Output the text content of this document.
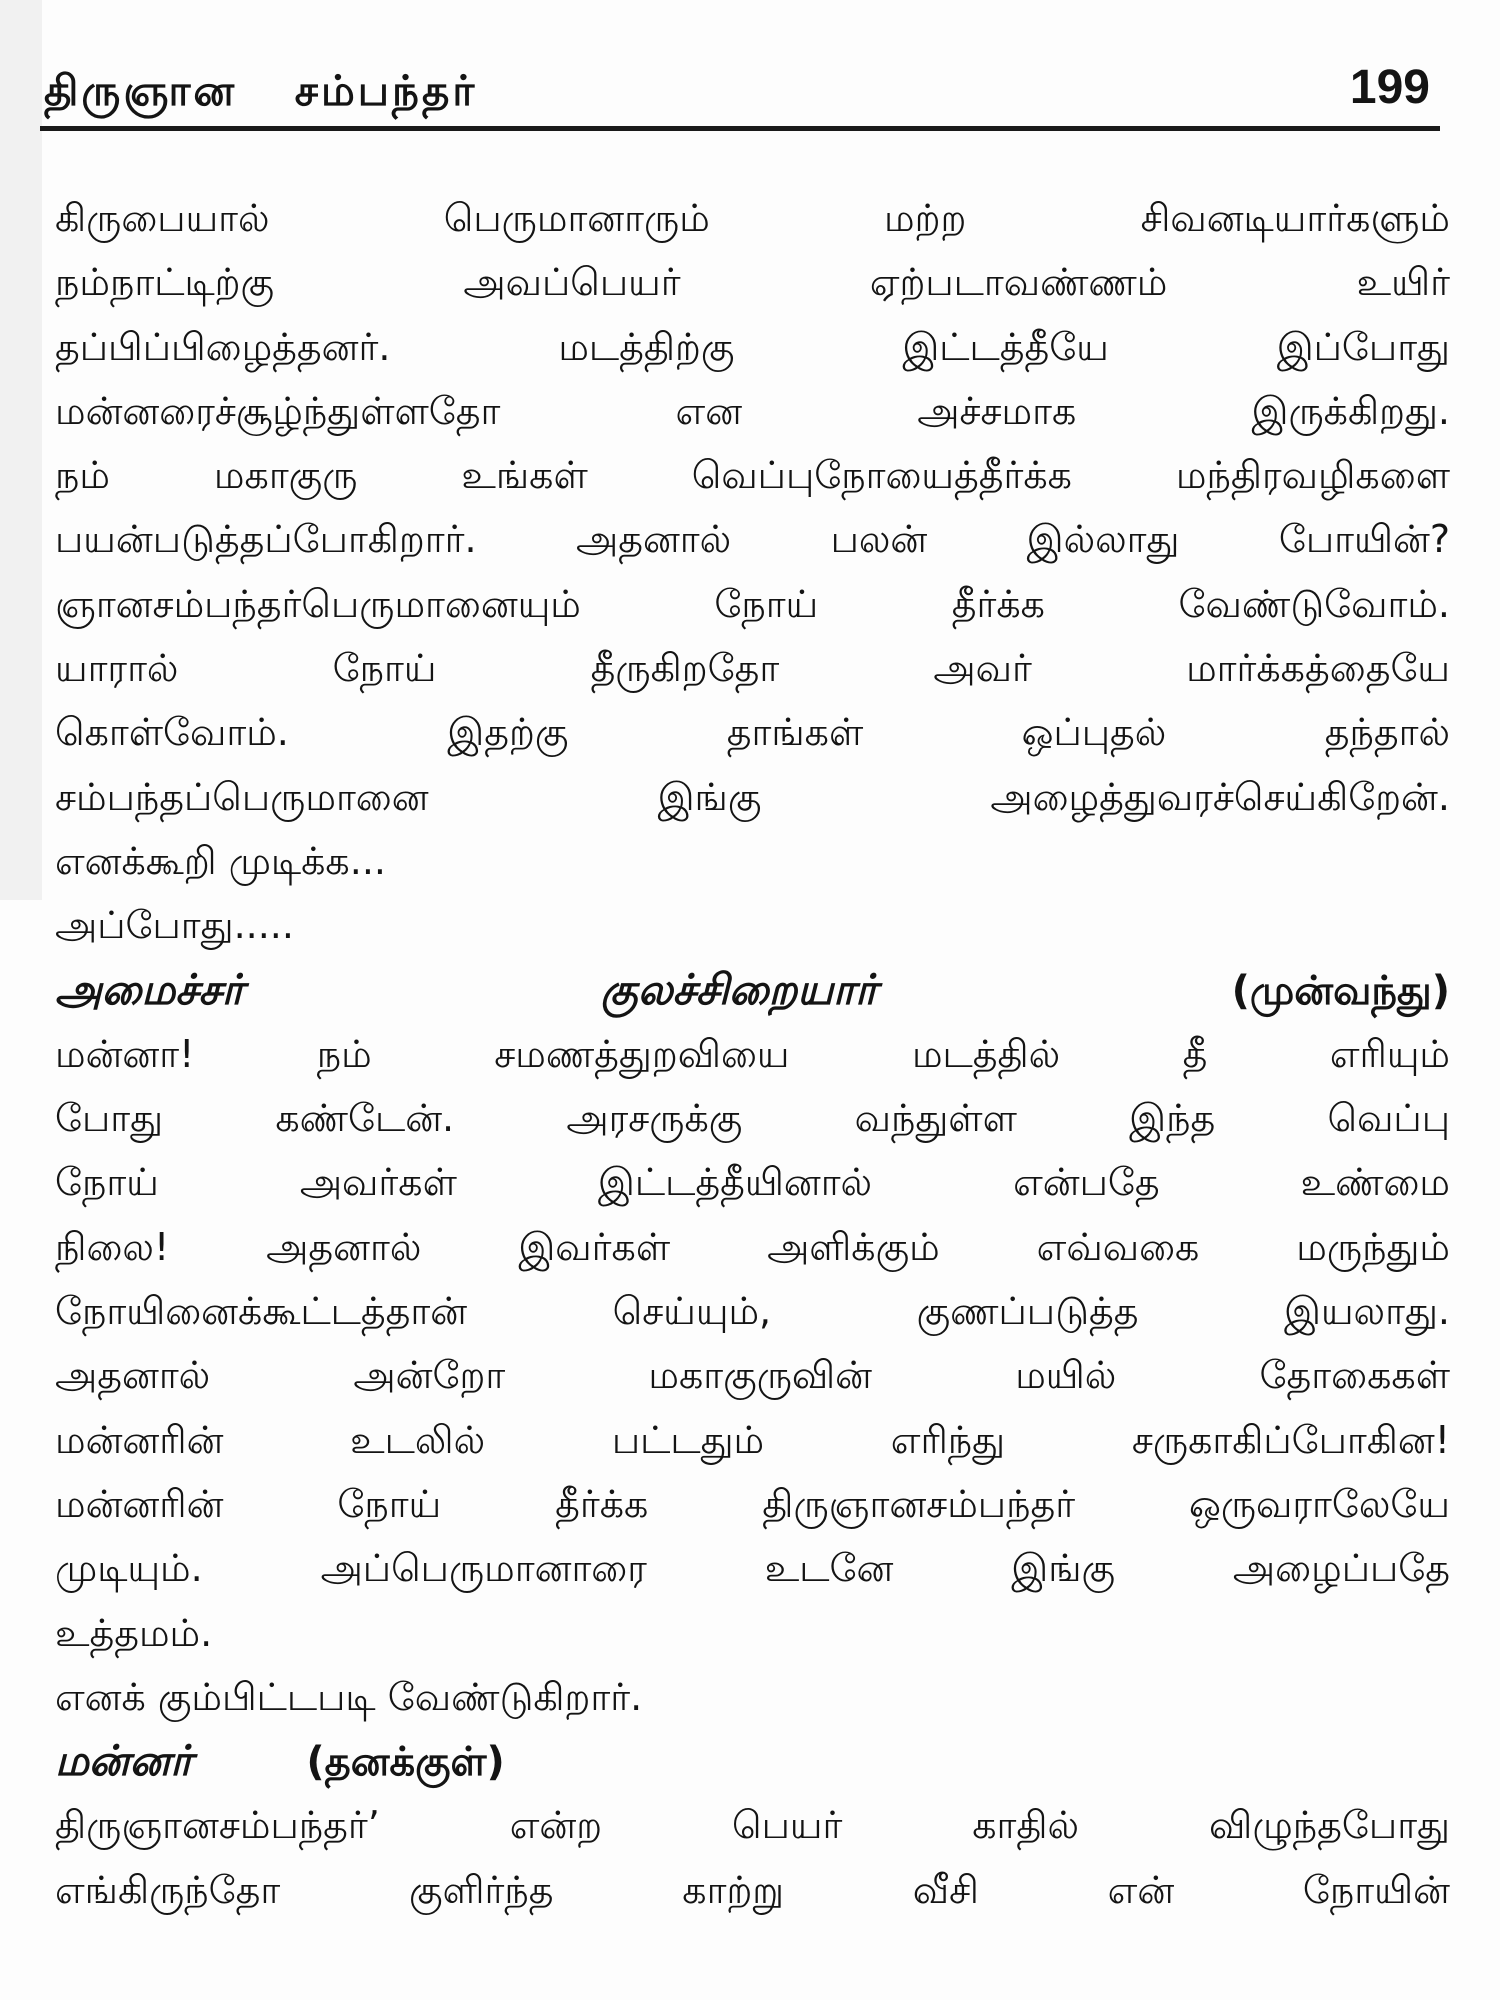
திருஞான சம்பந்தர்	199
கிருபையால் பெருமானாரும் மற்ற சிவனடியார்களும்
நம்நாட்டிற்கு அவப்பெயர் ஏற்படாவண்ணம் உயிர்
தப்பிப்பிழைத்தனர். மடத்திற்கு இட்டத்தீயே இப்போது
மன்னரைச்சூழ்ந்துள்ளதோ என அச்சமாக இருக்கிறது.
நம் மகாகுரு உங்கள் வெப்புநோயைத்தீர்க்க மந்திரவழிகளை
பயன்படுத்தப்போகிறார். அதனால் பலன் இல்லாது போயின்?
ஞானசம்பந்தர்பெருமானையும் நோய் தீர்க்க வேண்டுவோம்.
யாரால் நோய் தீருகிறதோ அவர் மார்க்கத்தையே
கொள்வோம். இதற்கு தாங்கள் ஒப்புதல் தந்தால்
சம்பந்தப்பெருமானை இங்கு அழைத்துவரச்செய்கிறேன்.
எனக்கூறி முடிக்க...
அப்போது.....
அமைச்சர் குலச்சிறையார்	(முன்வந்து)
மன்னா! நம் சமணத்துறவியை மடத்தில் தீ எரியும்
போது கண்டேன். அரசருக்கு வந்துள்ள இந்த வெப்பு
நோய் அவர்கள் இட்டத்தீயினால் என்பதே உண்மை
நிலை! அதனால் இவர்கள் அளிக்கும் எவ்வகை மருந்தும்
நோயினைக்கூட்டத்தான் செய்யும், குணப்படுத்த இயலாது.
அதனால் அன்றோ மகாகுருவின் மயில் தோகைகள்
மன்னரின் உடலில் பட்டதும் எரிந்து சருகாகிப்போகின!
மன்னரின் நோய் தீர்க்க திருஞானசம்பந்தர் ஒருவராலேயே
முடியும். அப்பெருமானாரை உடனே இங்கு அழைப்பதே
உத்தமம்.
எனக் கும்பிட்டபடி வேண்டுகிறார்.
மன்னர்	(தனக்குள்)
திருஞானசம்பந்தர்’ என்ற பெயர் காதில் விழுந்தபோது
எங்கிருந்தோ குளிர்ந்த காற்று வீசி என் நோயின்
